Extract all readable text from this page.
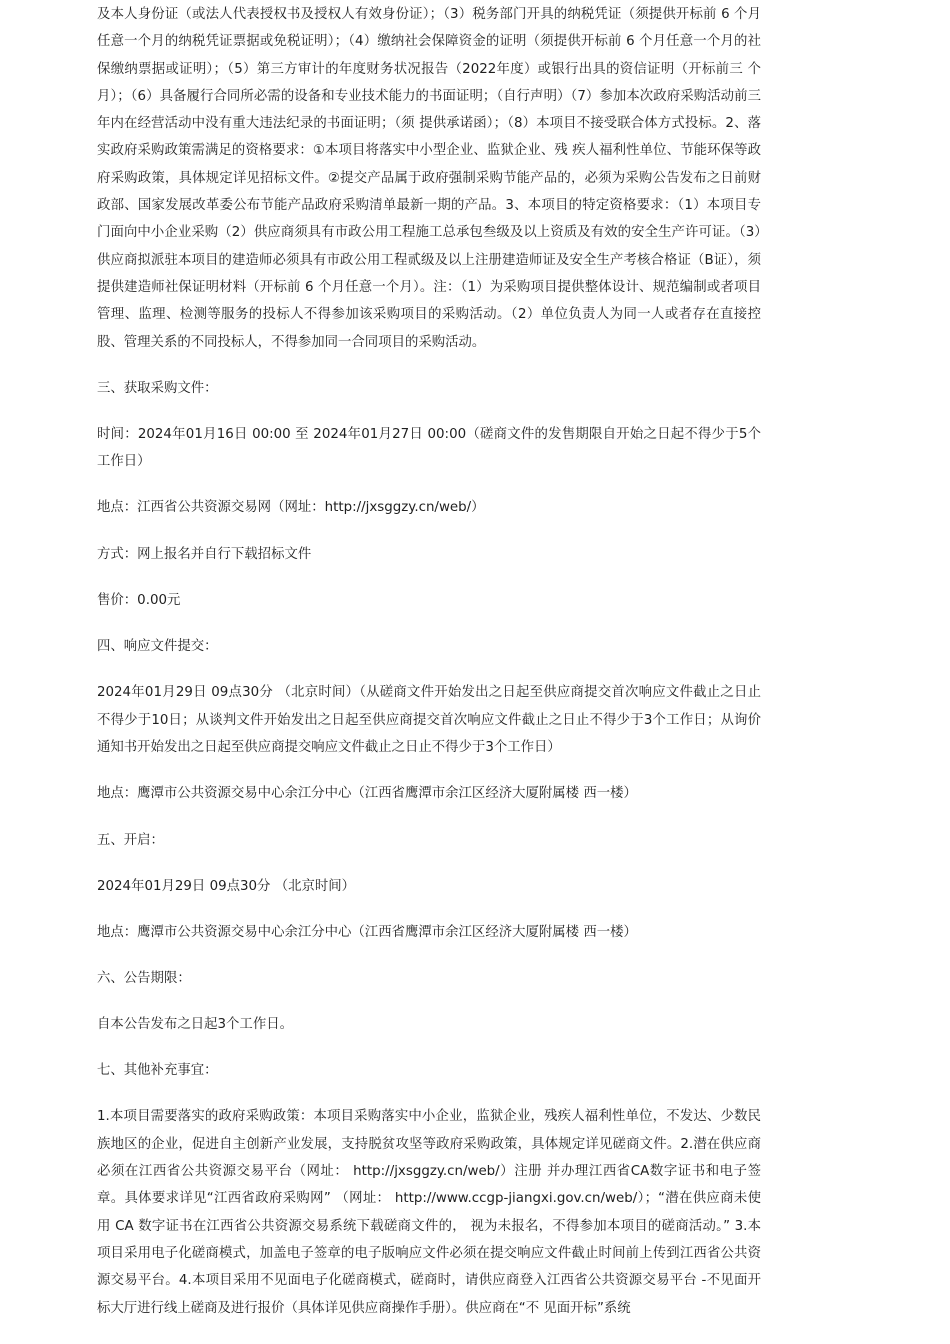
及本人身份证（或法人代表授权书及授权人有效身份证）；（3）税务部门开具的纳税凭证（须提供开标前 6 个月任意一个月的纳税凭证票据或免税证明）；（4）缴纳社会保障资金的证明（须提供开标前 6 个月任意一个月的社保缴纳票据或证明）；（5）第三方审计的年度财务状况报告（2022年度）或银行出具的资信证明（开标前三 个月）；（6）具备履行合同所必需的设备和专业技术能力的书面证明；（自行声明）（7）参加本次政府采购活动前三年内在经营活动中没有重大违法纪录的书面证明；（须 提供承诺函）；（8）本项目不接受联合体方式投标。2、落实政府采购政策需满足的资格要求：①本项目将落实中小型企业、监狱企业、残 疾人福利性单位、节能环保等政府采购政策，具体规定详见招标文件。②提交产品属于政府强制采购节能产品的，必须为采购公告发布之日前财政部、国家发展改革委公布节能产品政府采购清单最新一期的产品。3、本项目的特定资格要求：（1）本项目专门面向中小企业采购（2）供应商须具有市政公用工程施工总承包叁级及以上资质及有效的安全生产许可证。（3）供应商拟派驻本项目的建造师必须具有市政公用工程贰级及以上注册建造师证及安全生产考核合格证（B证），须提供建造师社保证明材料（开标前 6 个月任意一个月）。注：（1）为采购项目提供整体设计、规范编制或者项目管理、监理、检测等服务的投标人不得参加该采购项目的采购活动。（2）单位负责人为同一人或者存在直接控股、管理关系的不同投标人，不得参加同一合同项目的采购活动。

三、获取采购文件：

时间：2024年01月16日 00:00 至 2024年01月27日 00:00（磋商文件的发售期限自开始之日起不得少于5个工作日）

地点：江西省公共资源交易网（网址：http://jxsggzy.cn/web/）

方式：网上报名并自行下载招标文件

售价：0.00元

四、响应文件提交：

2024年01月29日 09点30分 （北京时间）（从磋商文件开始发出之日起至供应商提交首次响应文件截止之日止不得少于10日；从谈判文件开始发出之日起至供应商提交首次响应文件截止之日止不得少于3个工作日；从询价通知书开始发出之日起至供应商提交响应文件截止之日止不得少于3个工作日）

地点：鹰潭市公共资源交易中心余江分中心（江西省鹰潭市余江区经济大厦附属楼 西一楼）

五、开启：

2024年01月29日 09点30分 （北京时间）

地点：鹰潭市公共资源交易中心余江分中心（江西省鹰潭市余江区经济大厦附属楼 西一楼）

六、公告期限：

自本公告发布之日起3个工作日。

七、其他补充事宜：

1.本项目需要落实的政府采购政策：本项目采购落实中小企业，监狱企业，残疾人福利性单位，不发达、少数民族地区的企业，促进自主创新产业发展，支持脱贫攻坚等政府采购政策，具体规定详见磋商文件。2.潜在供应商必须在江西省公共资源交易平台（网址： http://jxsggzy.cn/web/）注册 并办理江西省CA数字证书和电子签章。具体要求详见“江西省政府采购网” （网址： http://www.ccgp-jiangxi.gov.cn/web/）；“潜在供应商未使用 CA 数字证书在江西省公共资源交易系统下载磋商文件的， 视为未报名，不得参加本项目的磋商活动。” 3.本项目采用电子化磋商模式，加盖电子签章的电子版响应文件必须在提交响应文件截止时间前上传到江西省公共资源交易平台。4.本项目采用不见面电子化磋商模式，磋商时，请供应商登入江西省公共资源交易平台 -不见面开标大厅进行线上磋商及进行报价（具体详见供应商操作手册）。供应商在“不 见面开标”系统
